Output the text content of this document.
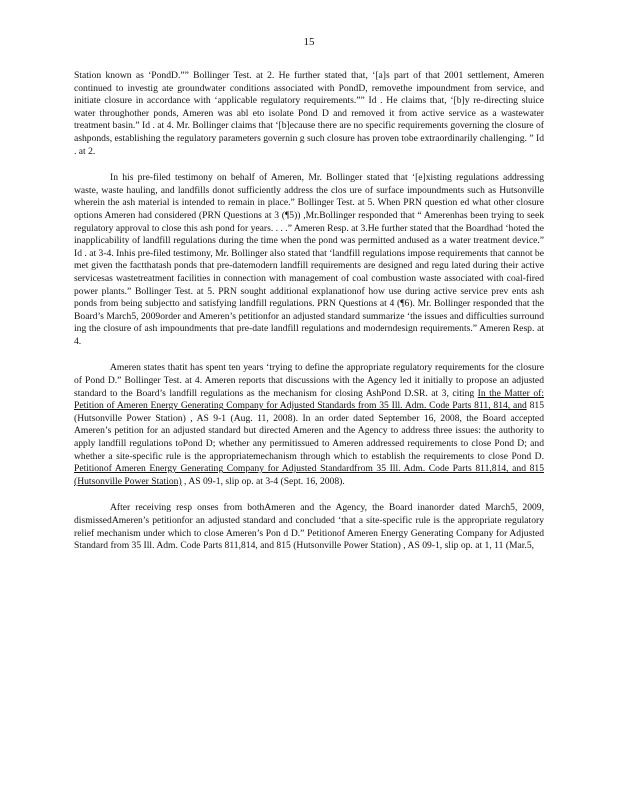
15

Station known as ‘PondD.”” Bollinger Test. at 2. He further stated that, ‘[a]s part of that 2001 settlement, Ameren continued to investig ate groundwater conditions associated with PondD, removethe impoundment from service, and initiate closure in accordance with ‘applicable regulatory requirements.”” Id . He claims that, ‘[b]y re-directing sluice water throughother ponds, Ameren was abl eto isolate Pond D and removed it from active service as a wastewater treatment basin.” Id . at 4. Mr. Bollinger claims that ‘[b]ecause there are no specific requirements governing the closure of ashponds, establishing the regulatory parameters governin g such closure has proven tobe extraordinarily challenging. ” Id . at 2.

In his pre-filed testimony on behalf of Ameren, Mr. Bollinger stated that ‘[e]xisting regulations addressing waste, waste hauling, and landfills donot sufficiently address the clos ure of surface impoundments such as Hutsonville wherein the ash material is intended to remain in place.” Bollinger Test. at 5. When PRN question ed what other closure options Ameren had considered (PRN Questions at 3 (¶5)) ,Mr.Bollinger responded that “ Amerenhas been trying to seek regulatory approval to close this ash pond for years. . . .” Ameren Resp. at 3.He further stated that the Boardhad ‘hoted the inapplicability of landfill regulations during the time when the pond was permitted andused as a water treatment device.” Id . at 3-4. Inhis pre-filed testimony, Mr. Bollinger also stated that ‘landfill regulations impose requirements that cannot be met given the factthatash ponds that pre-datemodern landfill requirements are designed and regu lated during their active servicesas wastetreatment facilities in connection with management of coal combustion waste associated with coal-fired power plants.” Bollinger Test. at 5. PRN sought additional explanationof how use during active service prev ents ash ponds from being subjectto and satisfying landfill regulations. PRN Questions at 4 (¶6). Mr. Bollinger responded that the Board’s March5, 2009order and Ameren’s petitionfor an adjusted standard summarize ‘the issues and difficulties surround ing the closure of ash impoundments that pre-date landfill regulations and moderndesign requirements.” Ameren Resp. at 4.

Ameren states thatit has spent ten years ‘trying to define the appropriate regulatory requirements for the closure of Pond D.” Bollinger Test. at 4. Ameren reports that discussions with the Agency led it initially to propose an adjusted standard to the Board’s landfill regulations as the mechanism for closing AshPond D.SR. at 3, citing In the Matter of: Petition of Ameren Energy Generating Company for Adjusted Standards from 35 Ill. Adm. Code Parts 811, 814, and 815 (Hutsonville Power Station) , AS 9-1 (Aug. 11, 2008). In an order dated September 16, 2008, the Board accepted Ameren’s petition for an adjusted standard but directed Ameren and the Agency to address three issues: the authority to apply landfill regulations toPond D; whether any permitissued to Ameren addressed requirements to close Pond D; and whether a site-specific rule is the appropriatemechanism through which to establish the requirements to close Pond D. Petitionof Ameren Energy Generating Company for Adjusted Standardfrom 35 Ill. Adm. Code Parts 811,814, and 815 (Hutsonville Power Station) , AS 09-1, slip op. at 3-4 (Sept. 16, 2008).

After receiving resp onses from bothAmeren and the Agency, the Board inanorder dated March5, 2009, dismissedAmeren’s petitionfor an adjusted standard and concluded ‘that a site-specific rule is the appropriate regulatory relief mechanism under which to close Ameren’s Pon d D.” Petitionof Ameren Energy Generating Company for Adjusted Standard from 35 Ill. Adm. Code Parts 811,814, and 815 (Hutsonville Power Station) , AS 09-1, slip op. at 1, 11 (Mar.5,
